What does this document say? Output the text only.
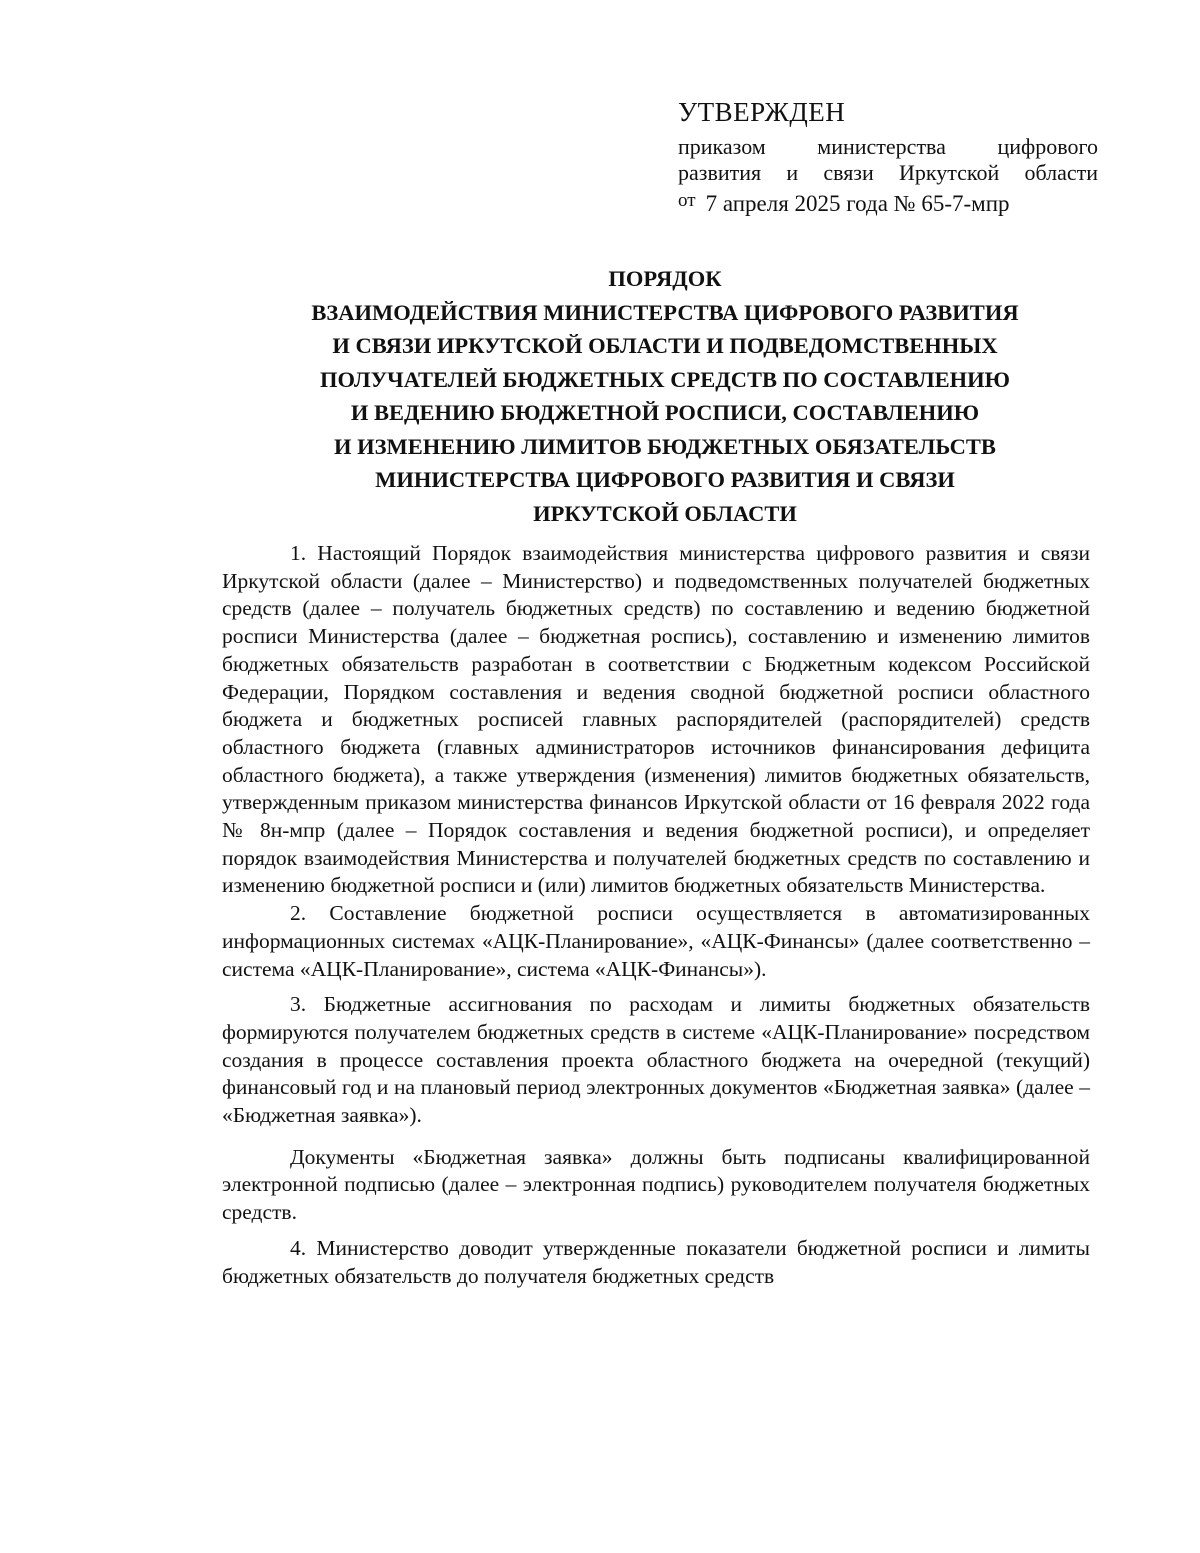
УТВЕРЖДЕН

приказом министерства цифрового

развития и связи Иркутской области

$^{от}$ 7 апреля 2025 года № 65-7-мпр

ПОРЯДОК

ВЗАИМОДЕЙСТВИЯ МИНИСТЕРСТВА ЦИФРОВОГО РАЗВИТИЯ

И СВЯЗИ ИРКУТСКОЙ ОБЛАСТИ И ПОДВЕДОМСТВЕННЫХ

ПОЛУЧАТЕЛЕЙ БЮДЖЕТНЫХ СРЕДСТВ ПО СОСТАВЛЕНИЮ

И ВЕДЕНИЮ БЮДЖЕТНОЙ РОСПИСИ, СОСТАВЛЕНИЮ

И ИЗМЕНЕНИЮ ЛИМИТОВ БЮДЖЕТНЫХ ОБЯЗАТЕЛЬСТВ

МИНИСТЕРСТВА ЦИФРОВОГО РАЗВИТИЯ И СВЯЗИ

ИРКУТСКОЙ ОБЛАСТИ

1. Настоящий Порядок взаимодействия министерства цифрового развития и связи Иркутской области (далее – Министерство) и подведомственных получателей бюджетных средств (далее – получатель бюджетных средств) по составлению и ведению бюджетной росписи Министерства (далее – бюджетная роспись), составлению и изменению лимитов бюджетных обязательств разработан в соответствии с Бюджетным кодексом Российской Федерации, Порядком составления и ведения сводной бюджетной росписи областного бюджета и бюджетных росписей главных распорядителей (распорядителей) средств областного бюджета (главных администраторов источников финансирования дефицита областного бюджета), а также утверждения (изменения) лимитов бюджетных обязательств, утвержденным приказом министерства финансов Иркутской области от 16 февраля 2022 года № 8н-мпр (далее – Порядок составления и ведения бюджетной росписи), и определяет порядок взаимодействия Министерства и получателей бюджетных средств по составлению и изменению бюджетной росписи и (или) лимитов бюджетных обязательств Министерства.

2. Составление бюджетной росписи осуществляется в автоматизированных информационных системах «АЦК-Планирование», «АЦК-Финансы» (далее соответственно – система «АЦК-Планирование», система «АЦК-Финансы»).

3. Бюджетные ассигнования по расходам и лимиты бюджетных обязательств формируются получателем бюджетных средств в системе «АЦК-Планирование» посредством создания в процессе составления проекта областного бюджета на очередной (текущий) финансовый год и на плановый период электронных документов «Бюджетная заявка» (далее – «Бюджетная заявка»).

Документы «Бюджетная заявка» должны быть подписаны квалифицированной электронной подписью (далее – электронная подпись) руководителем получателя бюджетных средств.

4. Министерство доводит утвержденные показатели бюджетной росписи и лимиты бюджетных обязательств до получателя бюджетных средств
